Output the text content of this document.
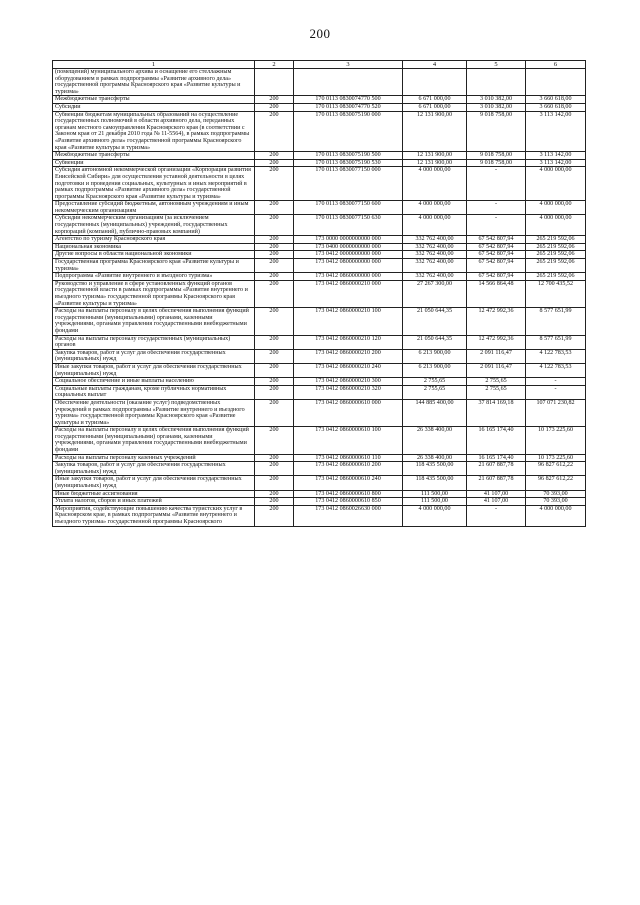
200
1	2	3	4	5	6
(помещений) муниципального архива и оснащение его стеллажным оборудованием в рамках подпрограммы «Развитие архивного дела» государственной программы Красноярского края «Развитие культуры и туризма»					
Межбюджетные трансферты	200	170 0113 0830074770 500	6 671 000,00	3 010 382,00	3 660 618,00
Субсидии	200	170 0113 0830074770 520	6 671 000,00	3 010 382,00	3 660 618,00
Субвенции бюджетам муниципальных образований на осуществление государственных полномочий в области архивного дела, переданных органам местного самоуправления Красноярского края (в соответствии с Законом края от 21 декабря 2010 года № 11-5564), в рамках подпрограммы «Развитие архивного дела» государственной программы Красноярского края «Развитие культуры и туризма»	200	170 0113 0830075190 000	12 131 900,00	9 018 758,00	3 113 142,00
Межбюджетные трансферты	200	170 0113 0830075190 500	12 131 900,00	9 018 758,00	3 113 142,00
Субвенции	200	170 0113 0830075190 530	12 131 900,00	9 018 758,00	3 113 142,00
Субсидия автономной некоммерческой организации «Корпорация развития Енисейской Сибири» для осуществления уставной деятельности в целях подготовки и проведения социальных, культурных и иных мероприятий в рамках подпрограммы «Развитие архивного дела» государственной программы Красноярского края «Развитие культуры и туризма»	200	170 0113 0830077150 000	4 000 000,00	-	4 000 000,00
Предоставление субсидий бюджетным, автономным учреждениям и иным некоммерческим организациям	200	170 0113 0830077150 600	4 000 000,00	-	4 000 000,00
Субсидии некоммерческим организациям (за исключением государственных (муниципальных) учреждений, государственных корпораций (компаний), публично-правовых компаний)	200	170 0113 0830077150 630	4 000 000,00	-	4 000 000,00
Агентство по туризму Красноярского края	200	173 0000 0000000000 000	332 762 400,00	67 542 807,94	265 219 592,06
Национальная экономика	200	173 0400 0000000000 000	332 762 400,00	67 542 807,94	265 219 592,06
Другие вопросы в области национальной экономики	200	173 0412 0000000000 000	332 762 400,00	67 542 807,94	265 219 592,06
Государственная программа Красноярского края «Развитие культуры и туризма»	200	173 0412 0800000000 000	332 762 400,00	67 542 807,94	265 219 592,06
Подпрограмма «Развитие внутреннего и въездного туризма»	200	173 0412 0860000000 000	332 762 400,00	67 542 807,94	265 219 592,06
Руководство и управление в сфере установленных функций органов государственной власти в рамках подпрограммы «Развитие внутреннего и въездного туризма» государственной программы Красноярского края «Развитие культуры и туризма»	200	173 0412 0860000210 000	27 267 300,00	14 566 864,48	12 700 435,52
Расходы на выплаты персоналу в целях обеспечения выполнения функций государственными (муниципальными) органами, казенными учреждениями, органами управления государственными внебюджетными фондами	200	173 0412 0860000210 100	21 050 644,35	12 472 992,36	8 577 651,99
Расходы на выплаты персоналу государственных (муниципальных) органов	200	173 0412 0860000210 120	21 050 644,35	12 472 992,36	8 577 651,99
Закупка товаров, работ и услуг для обеспечения государственных (муниципальных) нужд	200	173 0412 0860000210 200	6 213 900,00	2 091 116,47	4 122 783,53
Иные закупки товаров, работ и услуг для обеспечения государственных (муниципальных) нужд	200	173 0412 0860000210 240	6 213 900,00	2 091 116,47	4 122 783,53
Социальное обеспечение и иные выплаты населению	200	173 0412 0860000210 300	2 755,65	2 755,65	-
Социальные выплаты гражданам, кроме публичных нормативных социальных выплат	200	173 0412 0860000210 320	2 755,65	2 755,65	-
Обеспечение деятельности (оказание услуг) подведомственных учреждений в рамках подпрограммы «Развитие внутреннего и въездного туризма» государственной программы Красноярского края «Развитие культуры и туризма»	200	173 0412 0860000610 000	144 885 400,00	37 814 169,18	107 071 230,82
Расходы на выплаты персоналу в целях обеспечения выполнения функций государственными (муниципальными) органами, казенными учреждениями, органами управления государственными внебюджетными фондами	200	173 0412 0860000610 100	26 338 400,00	16 165 174,40	10 173 225,60
Расходы на выплаты персоналу казенных учреждений	200	173 0412 0860000610 110	26 338 400,00	16 165 174,40	10 173 225,60
Закупка товаров, работ и услуг для обеспечения государственных (муниципальных) нужд	200	173 0412 0860000610 200	118 435 500,00	21 607 887,78	96 827 612,22
Иные закупки товаров, работ и услуг для обеспечения государственных (муниципальных) нужд	200	173 0412 0860000610 240	118 435 500,00	21 607 887,78	96 827 612,22
Иные бюджетные ассигнования	200	173 0412 0860000610 800	111 500,00	41 107,00	70 393,00
Уплата налогов, сборов и иных платежей	200	173 0412 0860000610 850	111 500,00	41 107,00	70 393,00
Мероприятия, содействующие повышению качества туристских услуг в Красноярском крае, в рамках подпрограммы «Развитие внутреннего и въездного туризма» государственной программы Красноярского	200	173 0412 0860026630 000	4 000 000,00	-	4 000 000,00
